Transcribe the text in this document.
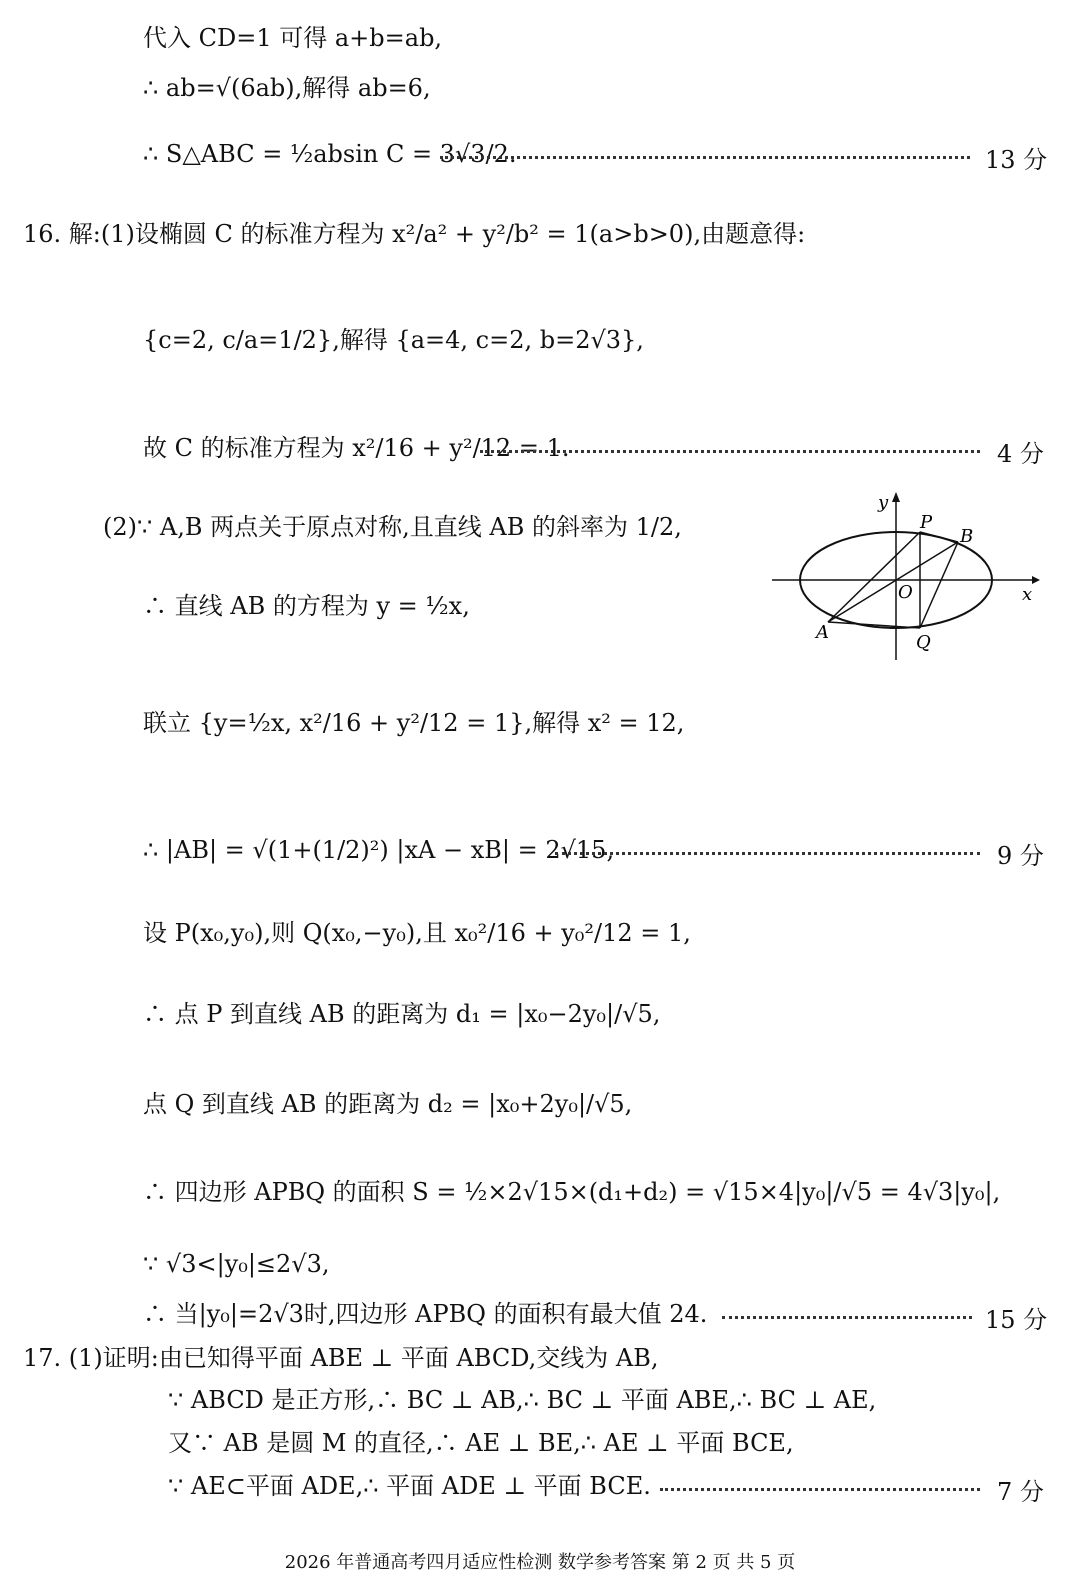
代入 CD=1 可得 a+b=ab,
∴ ab=√(6ab),解得 ab=6,
∴ S△ABC = ½absin C = 3√3/2.	13 分
16. 解:(1)设椭圆 C 的标准方程为 x²/a² + y²/b² = 1(a>b>0),由题意得:
{c=2, c/a=1/2},解得 {a=4, c=2, b=2√3},
故 C 的标准方程为 x²/16 + y²/12 = 1.	4 分
(2)∵ A,B 两点关于原点对称,且直线 AB 的斜率为 1/2,
∴ 直线 AB 的方程为 y = ½x,
联立 {y=½x, x²/16 + y²/12 = 1},解得 x² = 12,
∴ |AB| = √(1+(1/2)²) |xA − xB| = 2√15,	9 分
设 P(x₀,y₀),则 Q(x₀,−y₀),且 x₀²/16 + y₀²/12 = 1,
∴ 点 P 到直线 AB 的距离为 d₁ = |x₀−2y₀|/√5,
点 Q 到直线 AB 的距离为 d₂ = |x₀+2y₀|/√5,
∴ 四边形 APBQ 的面积 S = ½×2√15×(d₁+d₂) = √15×4|y₀|/√5 = 4√3|y₀|,
∵ √3<|y₀|≤2√3,
∴ 当|y₀|=2√3时,四边形 APBQ 的面积有最大值 24.	15 分
17. (1)证明:由已知得平面 ABE ⊥ 平面 ABCD,交线为 AB,
∵ ABCD 是正方形,∴ BC ⊥ AB,∴ BC ⊥ 平面 ABE,∴ BC ⊥ AE,
又∵ AB 是圆 M 的直径,∴ AE ⊥ BE,∴ AE ⊥ 平面 BCE,
∵ AE⊂平面 ADE,∴ 平面 ADE ⊥ 平面 BCE.	7 分
y
x
O
P
B
A	Q
2026 年普通高考四月适应性检测 数学参考答案 第 2 页 共 5 页
